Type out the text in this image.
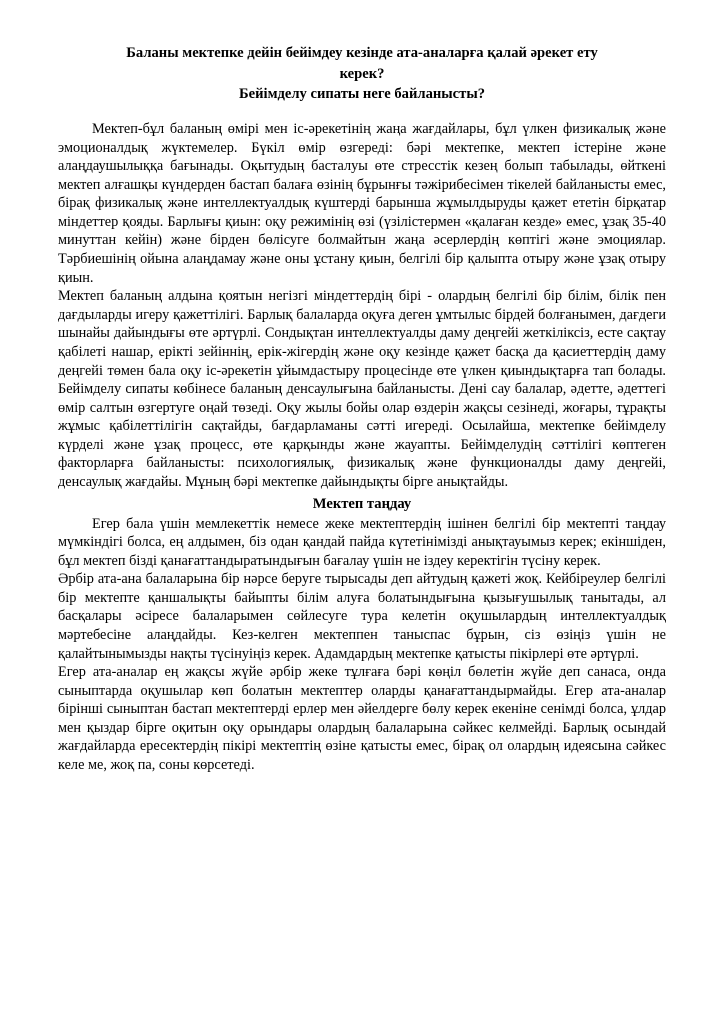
Баланы мектепке дейін бейімдеу кезінде ата-аналарға қалай әрекет ету
керек?
Бейімделу сипаты неге байланысты?

Мектеп-бұл баланың өмірі мен іс-әрекетінің жаңа жағдайлары, бұл үлкен физикалық және эмоционалдық жүктемелер. Бүкіл өмір өзгереді: бәрі мектепке, мектеп істеріне және алаңдаушылыққа бағынады. Оқытудың басталуы өте стресстік кезең болып табылады, өйткені мектеп алғашқы күндерден бастап балаға өзінің бұрынғы тәжірибесімен тікелей байланысты емес, бірақ физикалық және интеллектуалдық күштерді барынша жұмылдыруды қажет ететін бірқатар міндеттер қояды. Барлығы қиын: оқу режимінің өзі (үзілістермен «қалаған кезде» емес, ұзақ 35-40 минуттан кейін) және бірден бөлісуге болмайтын жаңа әсерлердің көптігі және эмоциялар. Тәрбиешінің ойына алаңдамау және оны ұстану қиын, белгілі бір қалыпта отыру және ұзақ отыру қиын.

Мектеп баланың алдына қоятын негізгі міндеттердің бірі - олардың белгілі бір білім, білік пен дағдыларды игеру қажеттілігі. Барлық балаларда оқуға деген ұмтылыс бірдей болғанымен, дағдеги шынайы дайындығы өте әртүрлі. Сондықтан интеллектуалды даму деңгейі жеткіліксіз, есте сақтау қабілеті нашар, ерікті зейіннің, ерік-жігердің және оқу кезінде қажет басқа да қасиеттердің даму деңгейі төмен бала оқу іс-әрекетін ұйымдастыру процесінде өте үлкен қиындықтарға тап болады. Бейімделу сипаты көбінесе баланың денсаулығына байланысты. Дені сау балалар, әдетте, әдеттегі өмір салтын өзгертуге оңай төзеді. Оқу жылы бойы олар өздерін жақсы сезінеді, жоғары, тұрақты жұмыс қабілеттілігін сақтайды, бағдарламаны сәтті игереді. Осылайша, мектепке бейімделу күрделі және ұзақ процесс, өте қарқынды және жауапты. Бейімделудің сәттілігі көптеген факторларға байланысты: психологиялық, физикалық және функционалды даму деңгейі, денсаулық жағдайы. Мұның бәрі мектепке дайындықты бірге анықтайды.

Мектеп таңдау

Егер бала үшін мемлекеттік немесе жеке мектептердің ішінен белгілі бір мектепті таңдау мүмкіндігі болса, ең алдымен, біз одан қандай пайда күтетінімізді анықтауымыз керек; екіншіден, бұл мектеп бізді қанағаттандыратындығын бағалау үшін не іздеу керектігін түсіну керек.

Әрбір ата-ана балаларына бір нәрсе беруге тырысады деп айтудың қажеті жоқ. Кейбіреулер белгілі бір мектепте қаншалықты байыпты білім алуға болатындығына қызығушылық танытады, ал басқалары әсіресе балаларымен сөйлесуге тура келетін оқушылардың интеллектуалдық мәртебесіне алаңдайды. Кез-келген мектеппен таныспас бұрын, сіз өзіңіз үшін не қалайтынымызды нақты түсінуіңіз керек. Адамдардың мектепке қатысты пікірлері өте әртүрлі.

Егер ата-аналар ең жақсы жүйе әрбір жеке тұлғаға бәрі көңіл бөлетін жүйе деп санаса, онда сыныптарда оқушылар көп болатын мектептер оларды қанағаттандырмайды. Егер ата-аналар бірінші сыныптан бастап мектептерді ерлер мен әйелдерге бөлу керек екеніне сенімді болса, ұлдар мен қыздар бірге оқитын оқу орындары олардың балаларына сәйкес келмейді. Барлық осындай жағдайларда ересектердің пікірі мектептің өзіне қатысты емес, бірақ ол олардың идеясына сәйкес келе ме, жоқ па, соны көрсетеді.
